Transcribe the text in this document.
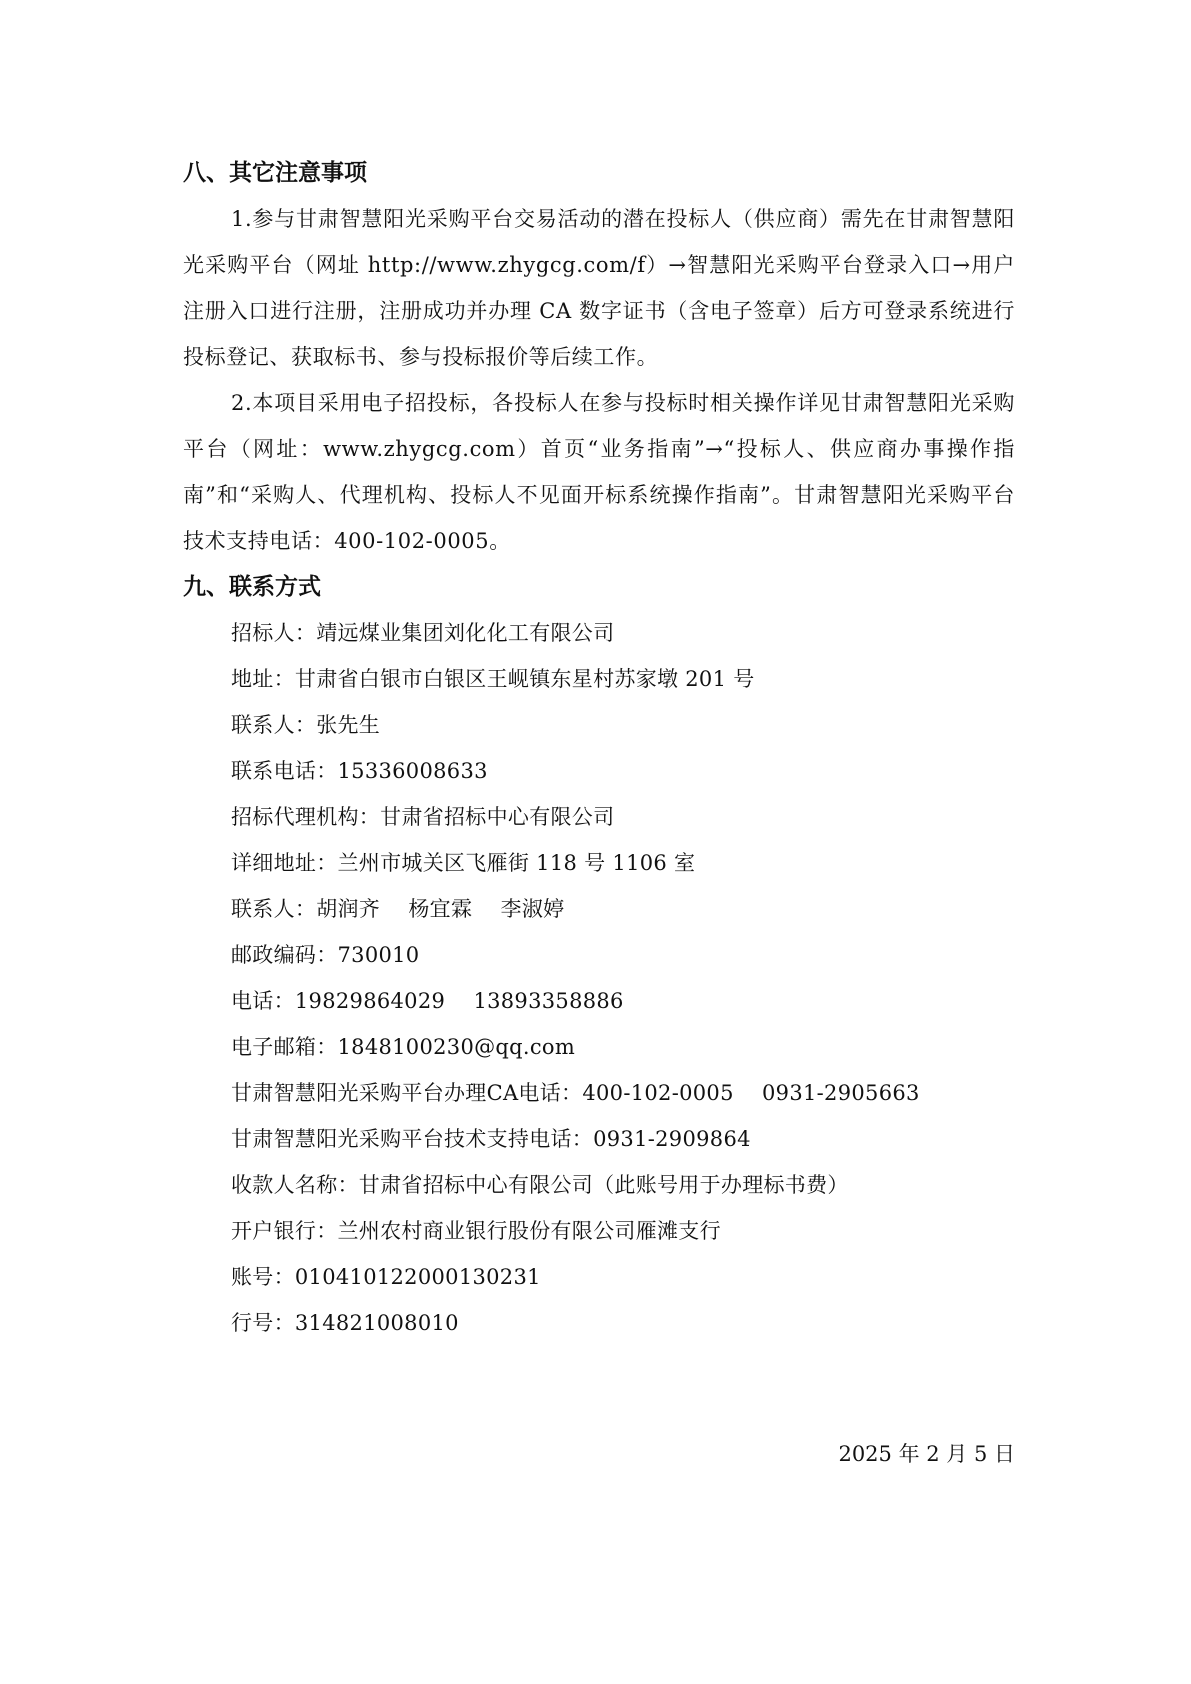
八、其它注意事项

1.参与甘肃智慧阳光采购平台交易活动的潜在投标人（供应商）需先在甘肃智慧阳光采购平台（网址 http://www.zhygcg.com/f）→智慧阳光采购平台登录入口→用户注册入口进行注册，注册成功并办理 CA 数字证书（含电子签章）后方可登录系统进行投标登记、获取标书、参与投标报价等后续工作。

2.本项目采用电子招投标，各投标人在参与投标时相关操作详见甘肃智慧阳光采购平台（网址：www.zhygcg.com）首页“业务指南”→“投标人、供应商办事操作指南”和“采购人、代理机构、投标人不见面开标系统操作指南”。甘肃智慧阳光采购平台技术支持电话：400-102-0005。

九、联系方式

招标人：靖远煤业集团刘化化工有限公司

地址：甘肃省白银市白银区王岘镇东星村苏家墩 201 号

联系人：张先生

联系电话：15336008633

招标代理机构：甘肃省招标中心有限公司

详细地址：兰州市城关区飞雁街 118 号 1106 室

联系人：胡润齐　 杨宜霖　 李淑婷

邮政编码：730010

电话：19829864029　 13893358886

电子邮箱：1848100230@qq.com

甘肃智慧阳光采购平台办理CA电话：400-102-0005　 0931-2905663

甘肃智慧阳光采购平台技术支持电话：0931-2909864

收款人名称：甘肃省招标中心有限公司（此账号用于办理标书费）

开户银行：兰州农村商业银行股份有限公司雁滩支行

账号：010410122000130231

行号：314821008010

2025 年 2 月 5 日
